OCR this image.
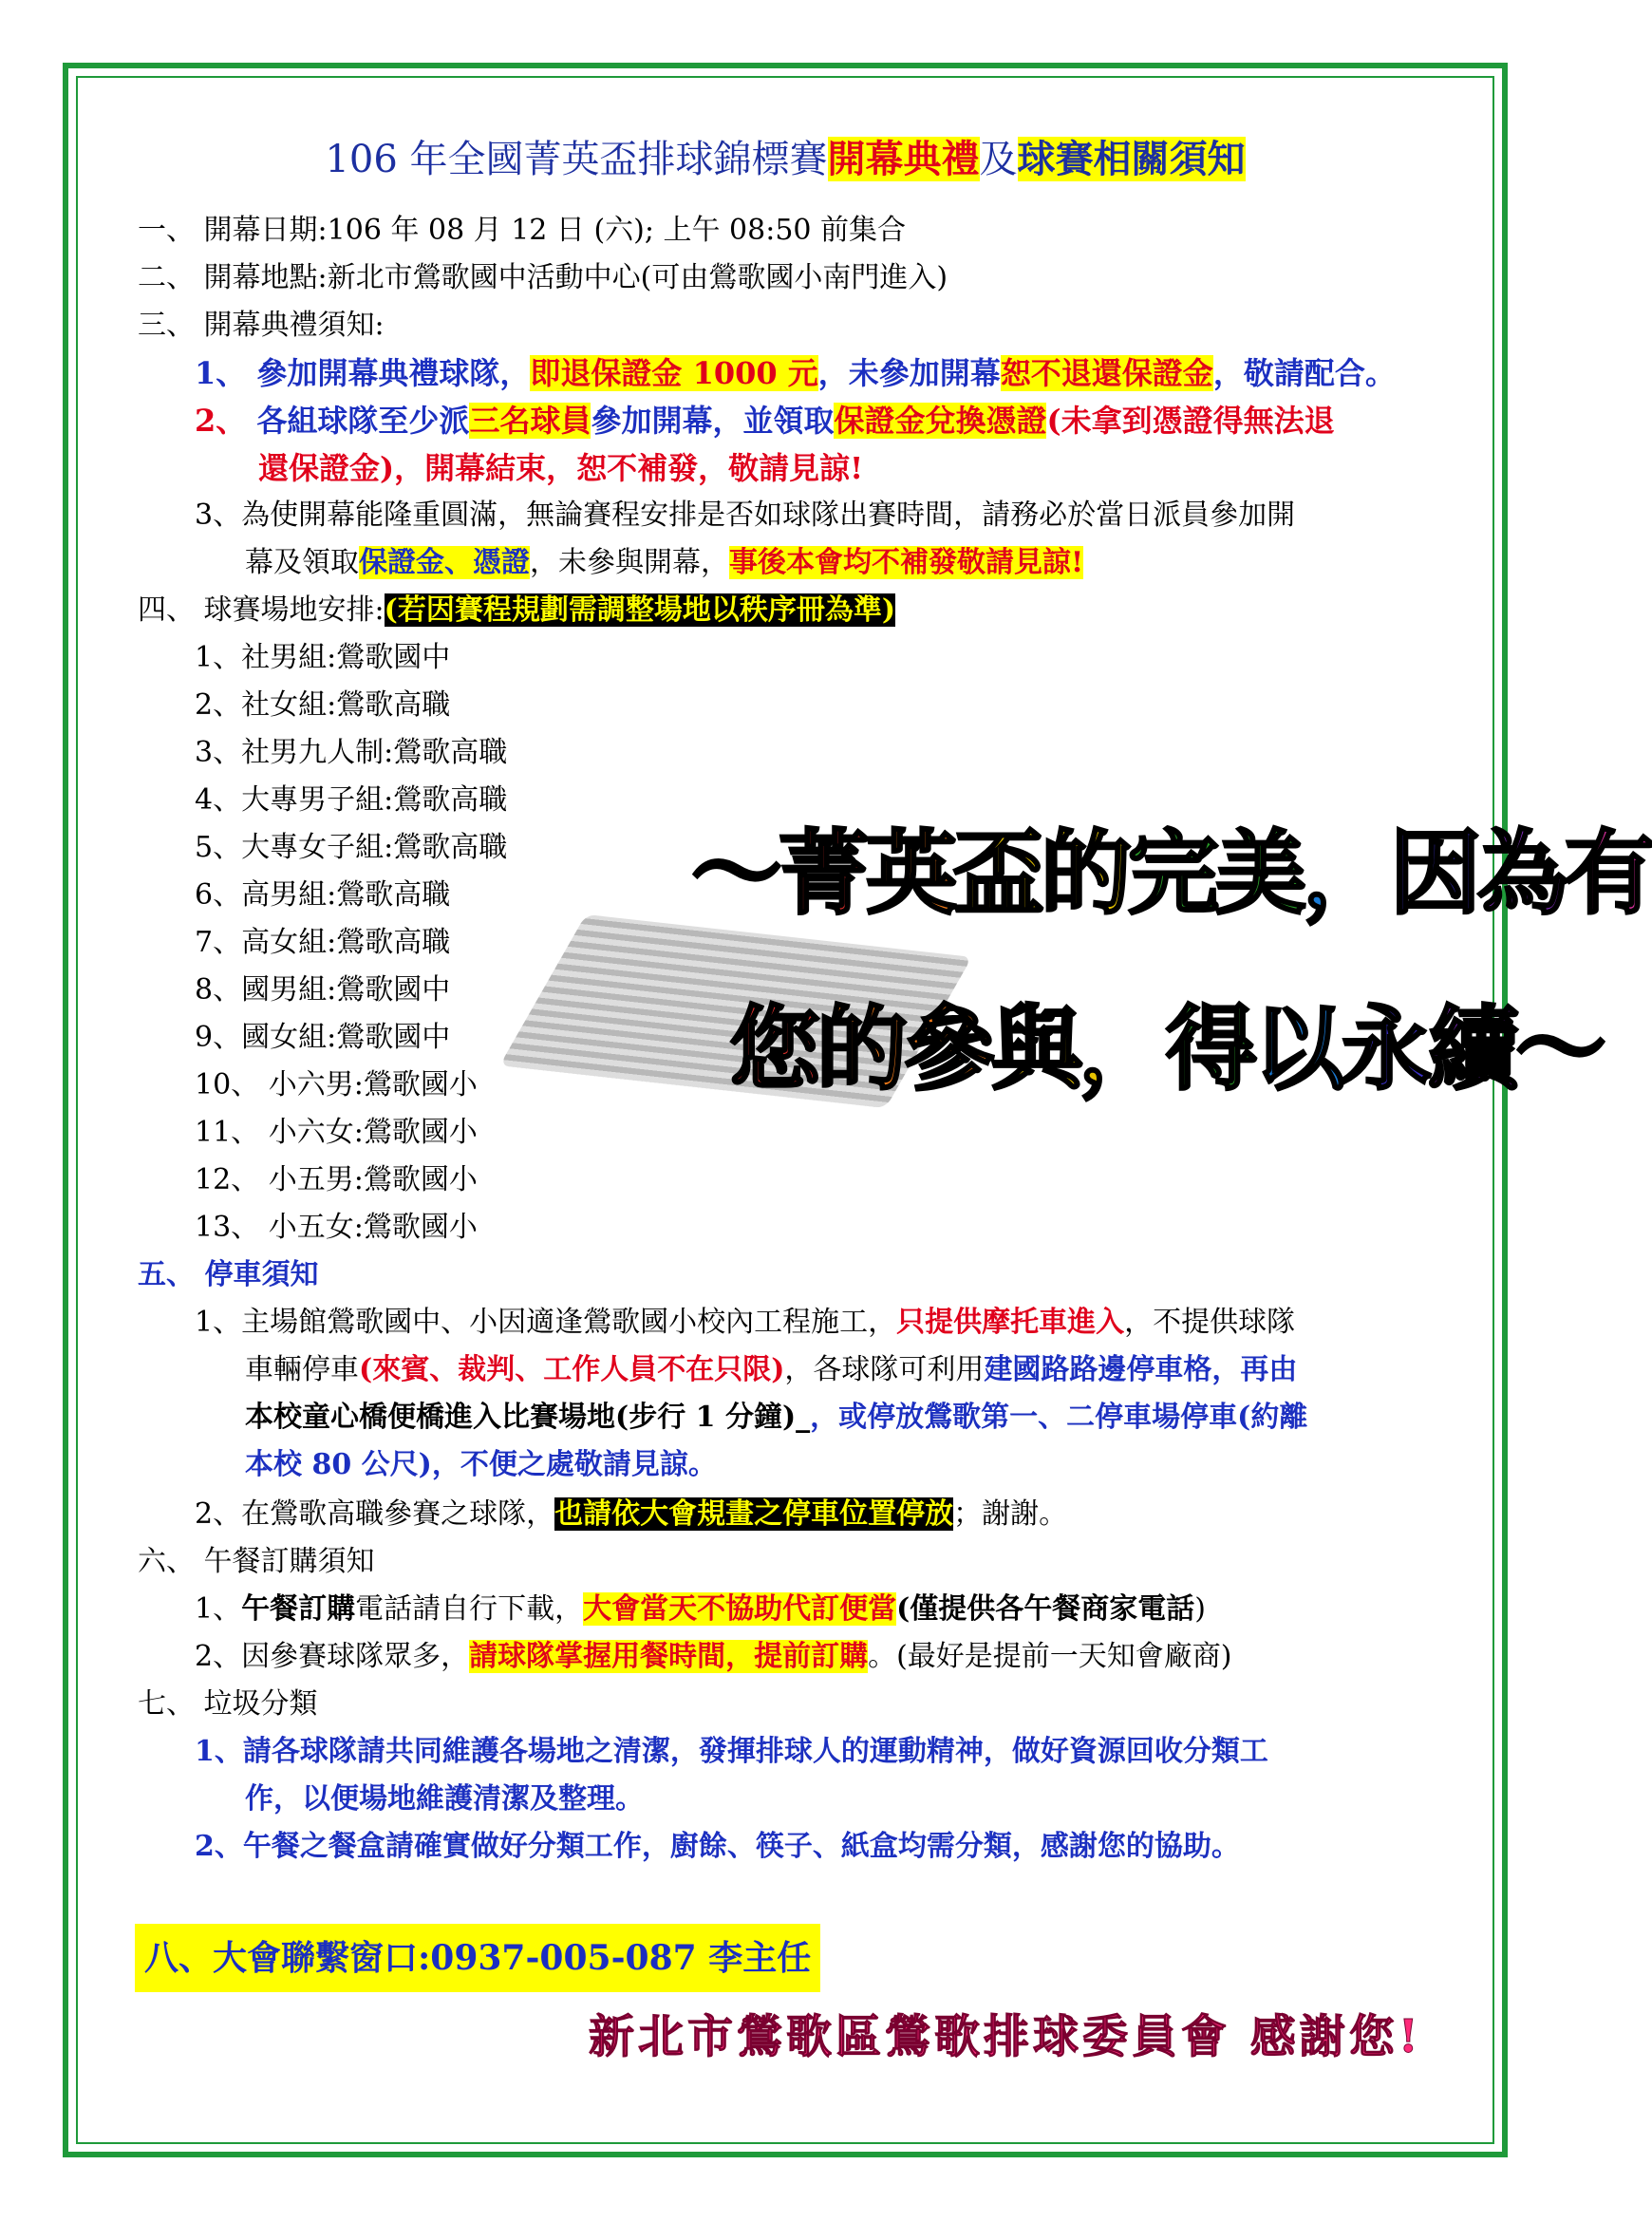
106 年全國菁英盃排球錦標賽開幕典禮及球賽相關須知
一、 開幕日期:106 年 08 月 12 日 (六); 上午 08:50 前集合
二、 開幕地點:新北市鶯歌國中活動中心(可由鶯歌國小南門進入)
三、 開幕典禮須知:
1、 參加開幕典禮球隊，即退保證金 1000 元，未參加開幕恕不退還保證金，敬請配合。
2、 各組球隊至少派三名球員參加開幕，並領取保證金兌換憑證(未拿到憑證得無法退
還保證金)，開幕結束，恕不補發，敬請見諒!
3、為使開幕能隆重圓滿，無論賽程安排是否如球隊出賽時間，請務必於當日派員參加開
幕及領取保證金、憑證，未參與開幕，事後本會均不補發敬請見諒!
四、 球賽場地安排:(若因賽程規劃需調整場地以秩序冊為準)
1、社男組:鶯歌國中
2、社女組:鶯歌高職
3、社男九人制:鶯歌高職
4、大專男子組:鶯歌高職
5、大專女子組:鶯歌高職
6、高男組:鶯歌高職
7、高女組:鶯歌高職
8、國男組:鶯歌國中
9、國女組:鶯歌國中
10、 小六男:鶯歌國小
11、 小六女:鶯歌國小
12、 小五男:鶯歌國小
13、 小五女:鶯歌國小
～菁英盃的完美，因為有
您的參與，得以永續～
五、 停車須知
1、主場館鶯歌國中、小因適逢鶯歌國小校內工程施工，只提供摩托車進入，不提供球隊
車輛停車(來賓、裁判、工作人員不在只限)，各球隊可利用建國路路邊停車格，再由
本校童心橋便橋進入比賽場地(步行 1 分鐘)_，或停放鶯歌第一、二停車場停車(約離
本校 80 公尺)，不便之處敬請見諒。
2、在鶯歌高職參賽之球隊，也請依大會規畫之停車位置停放；謝謝。
六、 午餐訂購須知
1、午餐訂購電話請自行下載，大會當天不協助代訂便當(僅提供各午餐商家電話)
2、因參賽球隊眾多，請球隊掌握用餐時間，提前訂購。(最好是提前一天知會廠商)
七、 垃圾分類
1、請各球隊請共同維護各場地之清潔，發揮排球人的運動精神，做好資源回收分類工
作，以便場地維護清潔及整理。
2、午餐之餐盒請確實做好分類工作，廚餘、筷子、紙盒均需分類，感謝您的協助。
八、大會聯繫窗口:0937-005-087 李主任
新北市鶯歌區鶯歌排球委員會 感謝您!
